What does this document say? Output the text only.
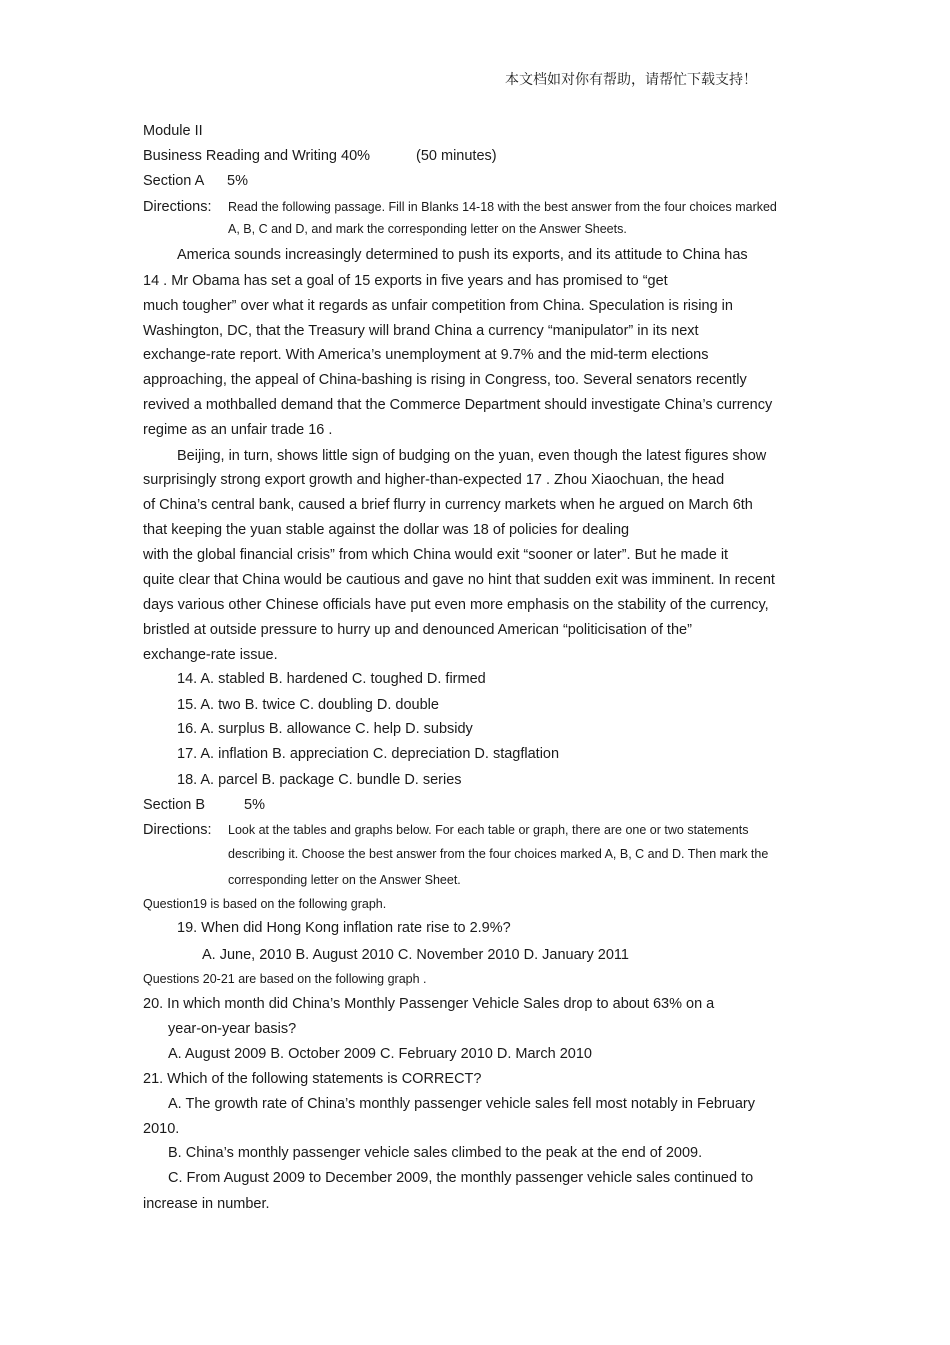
本文档如对你有帮助，请帮忙下载支持！
Module II
Business Reading and Writing 40%	(50 minutes)
Section A 5%
Directions: Read the following passage. Fill in Blanks 14-18 with the best answer from the four choices marked
A, B, C and D, and mark the corresponding letter on the Answer Sheets.
America sounds increasingly determined to push its exports, and its attitude to China has
14 . Mr Obama has set a goal of 15 exports in five years and has promised to “get
much tougher” over what it regards as unfair competition from China. Speculation is rising in
Washington, DC, that the Treasury will brand China a currency “manipulator” in its next
exchange-rate report. With America’s unemployment at 9.7% and the mid-term elections
approaching, the appeal of China-bashing is rising in Congress, too. Several senators recently
revived a mothballed demand that the Commerce Department should investigate China’s currency
regime as an unfair trade 16 .
Beijing, in turn, shows little sign of budging on the yuan, even though the latest figures show
surprisingly strong export growth and higher-than-expected 17 . Zhou Xiaochuan, the head
of China’s central bank, caused a brief flurry in currency markets when he argued on March 6th
that keeping the yuan stable against the dollar was 18 of policies for dealing
with the global financial crisis” from which China would exit “sooner or later”. But he made it
quite clear that China would be cautious and gave no hint that sudden exit was imminent. In recent
days various other Chinese officials have put even more emphasis on the stability of the currency,
bristled at outside pressure to hurry up and denounced American “politicisation of the”
exchange-rate issue.
14. A. stabled B. hardened C. toughed D. firmed
15. A. two B. twice C. doubling D. double
16. A. surplus B. allowance C. help D. subsidy
17. A. inflation B. appreciation C. depreciation D. stagflation
18. A. parcel B. package C. bundle D. series
Section B	5%
Directions: Look at the tables and graphs below. For each table or graph, there are one or two statements
describing it. Choose the best answer from the four choices marked A, B, C and D. Then mark the
corresponding letter on the Answer Sheet.
Question19 is based on the following graph.
19. When did Hong Kong inflation rate rise to 2.9%?
A. June, 2010 B. August 2010 C. November 2010 D. January 2011
Questions 20-21 are based on the following graph .
20. In which month did China’s Monthly Passenger Vehicle Sales drop to about 63% on a
year-on-year basis?
A. August 2009 B. October 2009 C. February 2010 D. March 2010
21. Which of the following statements is CORRECT?
A. The growth rate of China’s monthly passenger vehicle sales fell most notably in February
2010.
B. China’s monthly passenger vehicle sales climbed to the peak at the end of 2009.
C. From August 2009 to December 2009, the monthly passenger vehicle sales continued to
increase in number.
